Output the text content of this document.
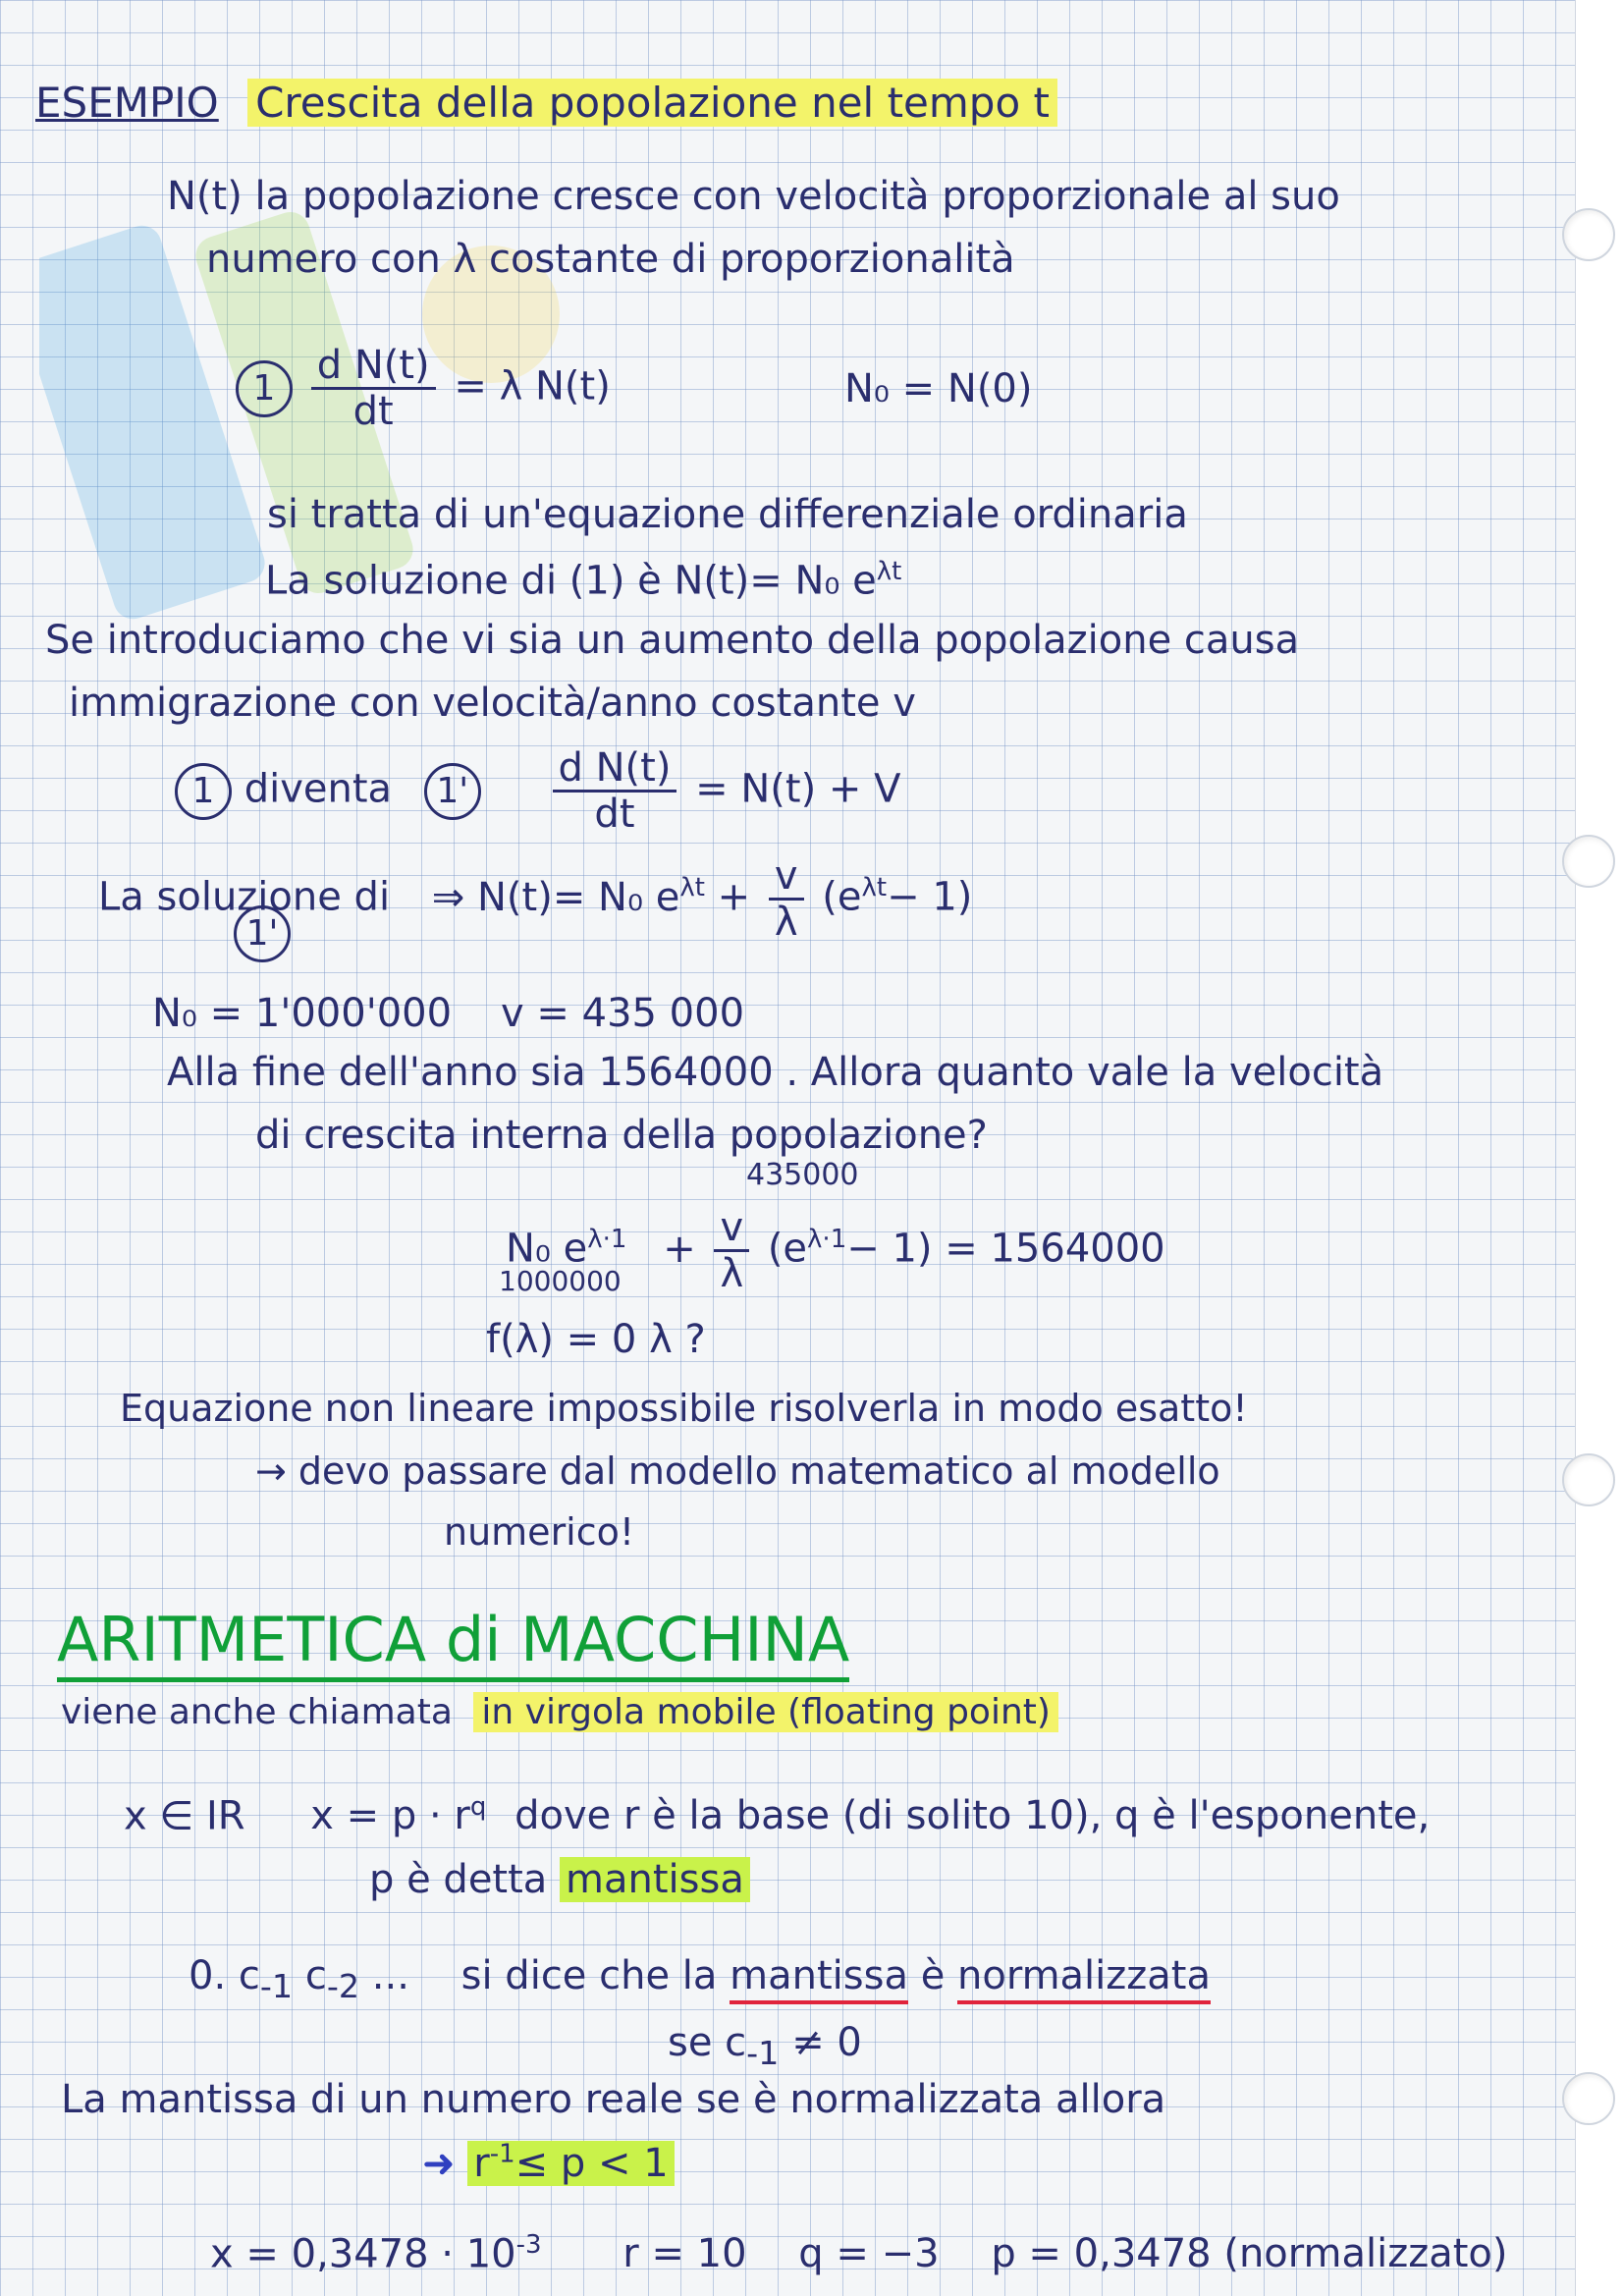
ESEMPIO Crescita della popolazione nel tempo t
N(t) la popolazione cresce con velocità proporzionale al suo
numero con λ costante di proporzionalità
$1 \frac{\text{d N(t)}}{dt} = \lambda$ N(t)	N₀ = N(0)
si tratta di un'equazione differenziale ordinaria
La soluzione di (1) è N(t)= N₀ $e^{\lambda t}$
Se introduciamo che vi sia un aumento della popolazione causa
immigrazione con velocità/anno costante v
1 diventa $1' \frac{\text{d N(t)}}{dt} = N(t) + V$
La soluzione di ⇒ N(t)= N₀ $e^{\lambda t} + \frac{v}{\lambda} (e^{\lambda t}- 1)$
1'
N₀ = 1'000'000 v = 435 000
Alla fine dell'anno sia 1564000 . Allora quanto vale la velocità
di crescita interna della popolazione?
435000
N₀ $e^{\lambda\cdot 1} + \frac{v}{\lambda} (e^{\lambda\cdot 1}- 1) = 1564000$
1000000
f(λ) = 0 λ ?
Equazione non lineare impossibile risolverla in modo esatto!
→ devo passare dal modello matematico al modello
numerico!
ARITMETICA di MACCHINA
viene anche chiamata in virgola mobile (floating point)
x ∈ IR $x = p \cdot r^q$ dove r è la base (di solito 10), q è l'esponente,
p è detta mantissa
0. $c_{-1}$ $c_{-2}$ ... si dice che la mantissa è normalizzata
se $c_{-1} \ne 0$
La mantissa di un numero reale se è normalizzata allora
➜ $r^{-1}\le p < 1$
$x = 0,3478 \cdot 10^{-3}$ r = 10 q = −3 p = 0,3478 (normalizzato)
